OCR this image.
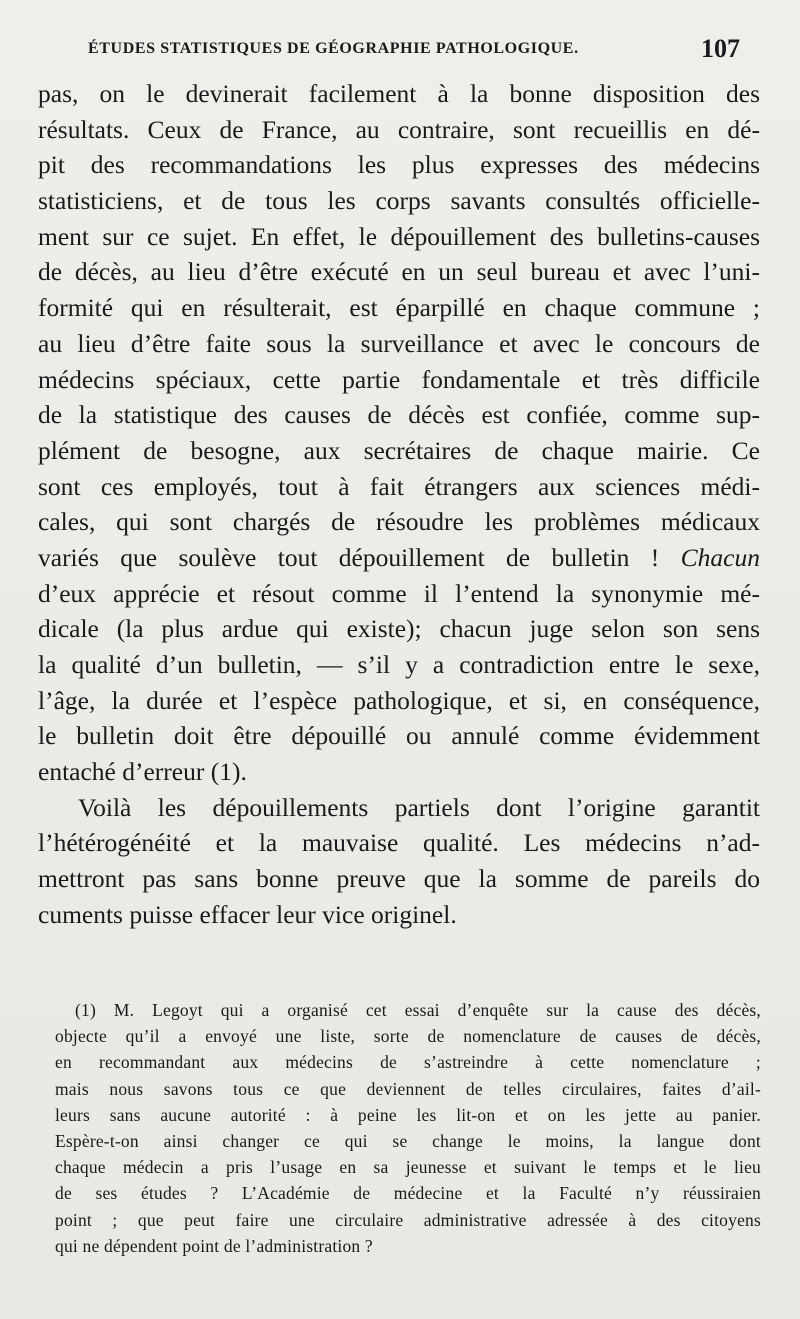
ÉTUDES STATISTIQUES DE GÉOGRAPHIE PATHOLOGIQUE.	107
pas, on le devinerait facilement à la bonne disposition des
résultats. Ceux de France, au contraire, sont recueillis en dé-
pit des recommandations les plus expresses des médecins
statisticiens, et de tous les corps savants consultés officielle-
ment sur ce sujet. En effet, le dépouillement des bulletins-causes
de décès, au lieu d’être exécuté en un seul bureau et avec l’uni-
formité qui en résulterait, est éparpillé en chaque commune ;
au lieu d’être faite sous la surveillance et avec le concours de
médecins spéciaux, cette partie fondamentale et très difficile
de la statistique des causes de décès est confiée, comme sup-
plément de besogne, aux secrétaires de chaque mairie. Ce
sont ces employés, tout à fait étrangers aux sciences médi-
cales, qui sont chargés de résoudre les problèmes médicaux
variés que soulève tout dépouillement de bulletin ! Chacun
d’eux apprécie et résout comme il l’entend la synonymie mé-
dicale (la plus ardue qui existe); chacun juge selon son sens
la qualité d’un bulletin, — s’il y a contradiction entre le sexe,
l’âge, la durée et l’espèce pathologique, et si, en conséquence,
le bulletin doit être dépouillé ou annulé comme évidemment
entaché d’erreur (1).
Voilà les dépouillements partiels dont l’origine garantit
l’hétérogénéité et la mauvaise qualité. Les médecins n’ad-
mettront pas sans bonne preuve que la somme de pareils do
cuments puisse effacer leur vice originel.
(1) M. Legoyt qui a organisé cet essai d’enquête sur la cause des décès,
objecte qu’il a envoyé une liste, sorte de nomenclature de causes de décès,
en recommandant aux médecins de s’astreindre à cette nomenclature ;
mais nous savons tous ce que deviennent de telles circulaires, faites d’ail-
leurs sans aucune autorité : à peine les lit-on et on les jette au panier.
Espère-t-on ainsi changer ce qui se change le moins, la langue dont
chaque médecin a pris l’usage en sa jeunesse et suivant le temps et le lieu
de ses études ? L’Académie de médecine et la Faculté n’y réussiraien
point ; que peut faire une circulaire administrative adressée à des citoyens
qui ne dépendent point de l’administration ?
